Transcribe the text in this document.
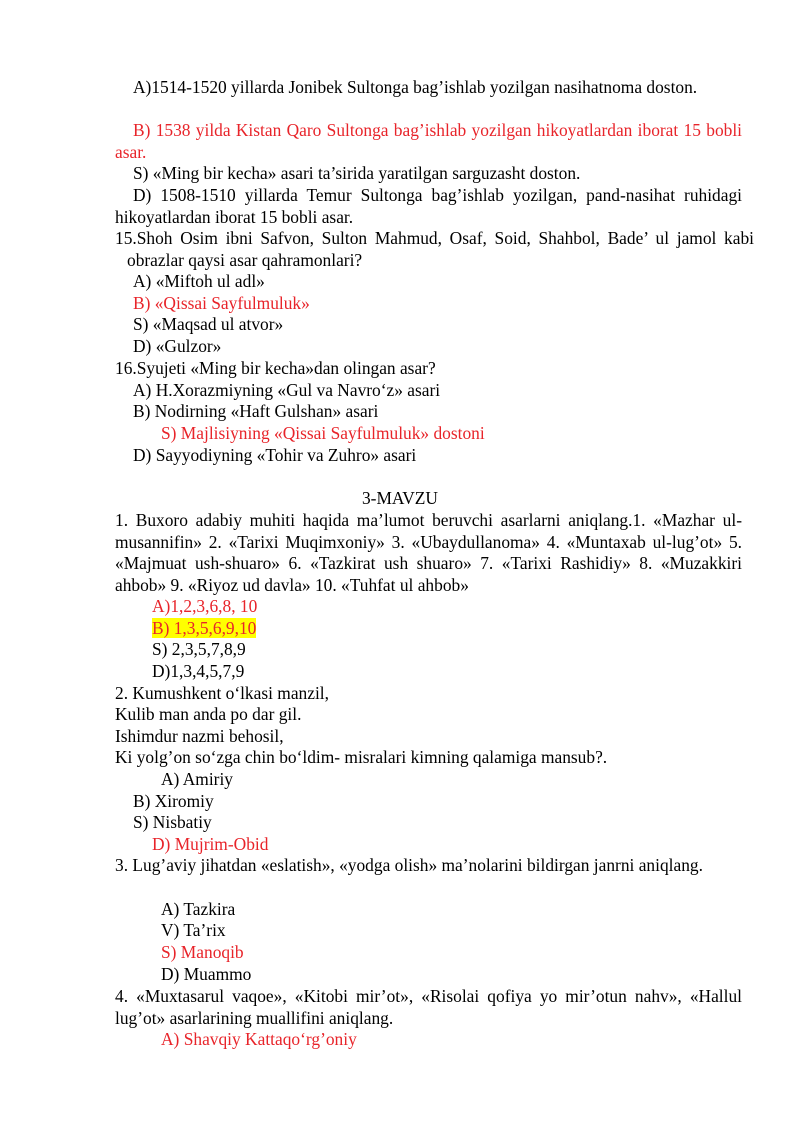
A)1514-1520 yillarda Jonibek Sultonga bag’ishlab yozilgan nasihatnoma doston.

B) 1538 yilda Kistan Qaro Sultonga bag’ishlab yozilgan hikoyatlardan iborat 15 bobli asar.

S) «Ming bir kecha» asari ta’sirida yaratilgan sarguzasht doston.

D) 1508-1510 yillarda Temur Sultonga bag’ishlab yozilgan, pand-nasihat ruhidagi hikoyatlardan iborat 15 bobli asar.

15.Shoh Osim ibni Safvon, Sulton Mahmud, Osaf, Soid, Shahbol, Bade’ ul jamol kabi obrazlar qaysi asar qahramonlari?

A) «Miftoh ul adl»

B) «Qissai Sayfulmuluk»

S) «Maqsad ul atvor»

D) «Gulzor»

16.Syujeti «Ming bir kecha»dan olingan asar?

A) H.Xorazmiyning «Gul va Navro‘z» asari

B) Nodirning «Haft Gulshan» asari

S) Majlisiyning «Qissai Sayfulmuluk» dostoni

D) Sayyodiyning «Tohir va Zuhro» asari

3-MAVZU

1. Buxoro adabiy muhiti haqida ma’lumot beruvchi asarlarni aniqlang.1. «Mazhar ul- musannifin» 2. «Tarixi Muqimxoniy» 3. «Ubaydullanoma» 4. «Muntaxab ul-lug’ot» 5. «Majmuat ush-shuaro» 6. «Tazkirat ush shuaro» 7. «Tarixi Rashidiy» 8. «Muzakkiri ahbob» 9. «Riyoz ud davla» 10. «Tuhfat ul ahbob»

A)1,2,3,6,8, 10

B) 1,3,5,6,9,10

S) 2,3,5,7,8,9

D)1,3,4,5,7,9

2. Kumushkent o‘lkasi manzil,

Kulib man anda po dar gil.

Ishimdur nazmi behosil,

Ki yolg’on so‘zga chin bo‘ldim- misralari kimning qalamiga mansub?.

A) Amiriy

B) Xiromiy

S) Nisbatiy

D) Mujrim-Obid

3. Lug’aviy jihatdan «eslatish», «yodga olish» ma’nolarini bildirgan janrni aniqlang.

A) Tazkira

V) Ta’rix

S) Manoqib

D) Muammo

4. «Muxtasarul vaqoe», «Kitobi mir’ot», «Risolai qofiya yo mir’otun nahv», «Hallul lug’ot» asarlarining muallifini aniqlang.

A) Shavqiy Kattaqo‘rg’oniy
